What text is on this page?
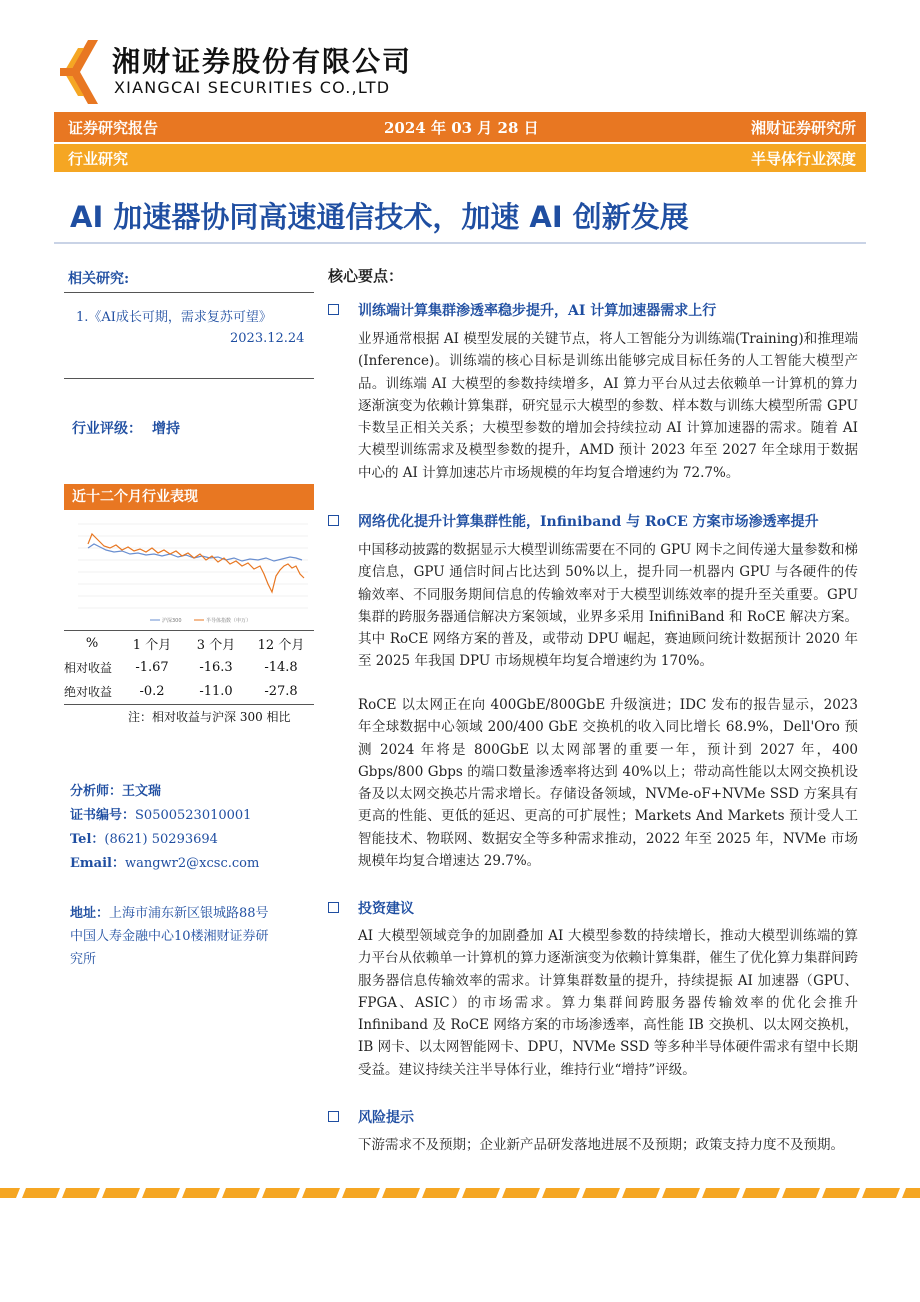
湘财证券股份有限公司
XIANGCAI SECURITIES CO.,LTD
证券研究报告	2024 年 03 月 28 日	湘财证券研究所
行业研究	半导体行业深度
AI 加速器协同高速通信技术，加速 AI 创新发展
相关研究:
1.《AI成长可期，需求复苏可望》
2023.12.24
行业评级： 增持
近十二个月行业表现
沪深300	半导体指数（申万）
%	1 个月	3 个月	12 个月
相对收益	-1.67	-16.3	-14.8
绝对收益	-0.2	-11.0	-27.8
注：相对收益与沪深 300 相比
分析师：王文瑞
证书编号：S0500523010001
Tel：(8621) 50293694
Email：wangwr2@xcsc.com
地址：上海市浦东新区银城路88号
中国人寿金融中心10楼湘财证券研
究所
核心要点：
训练端计算集群渗透率稳步提升，AI 计算加速器需求上行
业界通常根据 AI 模型发展的关键节点，将人工智能分为训练端(Training)和推理端(Inference)。训练端的核心目标是训练出能够完成目标任务的人工智能大模型产品。训练端 AI 大模型的参数持续增多，AI 算力平台从过去依赖单一计算机的算力逐渐演变为依赖计算集群，研究显示大模型的参数、样本数与训练大模型所需 GPU 卡数呈正相关关系；大模型参数的增加会持续拉动 AI 计算加速器的需求。随着 AI 大模型训练需求及模型参数的提升，AMD 预计 2023 年至 2027 年全球用于数据中心的 AI 计算加速芯片市场规模的年均复合增速约为 72.7%。
网络优化提升计算集群性能，Infiniband 与 RoCE 方案市场渗透率提升
中国移动披露的数据显示大模型训练需要在不同的 GPU 网卡之间传递大量参数和梯度信息，GPU 通信时间占比达到 50%以上，提升同一机器内 GPU 与各硬件的传输效率、不同服务期间信息的传输效率对于大模型训练效率的提升至关重要。GPU 集群的跨服务器通信解决方案领域，业界多采用 InifiniBand 和 RoCE 解决方案。其中 RoCE 网络方案的普及，或带动 DPU 崛起，赛迪顾问统计数据预计 2020 年至 2025 年我国 DPU 市场规模年均复合增速约为 170%。
RoCE 以太网正在向 400GbE/800GbE 升级演进；IDC 发布的报告显示，2023 年全球数据中心领域 200/400 GbE 交换机的收入同比增长 68.9%，Dell'Oro 预测 2024 年将是 800GbE 以太网部署的重要一年，预计到 2027 年，400 Gbps/800 Gbps 的端口数量渗透率将达到 40%以上；带动高性能以太网交换机设备及以太网交换芯片需求增长。存储设备领域，NVMe-oF+NVMe SSD 方案具有更高的性能、更低的延迟、更高的可扩展性；Markets And Markets 预计受人工智能技术、物联网、数据安全等多种需求推动，2022 年至 2025 年，NVMe 市场规模年均复合增速达 29.7%。
投资建议
AI 大模型领域竞争的加剧叠加 AI 大模型参数的持续增长，推动大模型训练端的算力平台从依赖单一计算机的算力逐渐演变为依赖计算集群，催生了优化算力集群间跨服务器信息传输效率的需求。计算集群数量的提升，持续提振 AI 加速器（GPU、FPGA、ASIC）的市场需求。算力集群间跨服务器传输效率的优化会推升 Infiniband 及 RoCE 网络方案的市场渗透率，高性能 IB 交换机、以太网交换机，IB 网卡、以太网智能网卡、DPU，NVMe SSD 等多种半导体硬件需求有望中长期受益。建议持续关注半导体行业，维持行业“增持”评级。
风险提示
下游需求不及预期；企业新产品研发落地进展不及预期；政策支持力度不及预期。
